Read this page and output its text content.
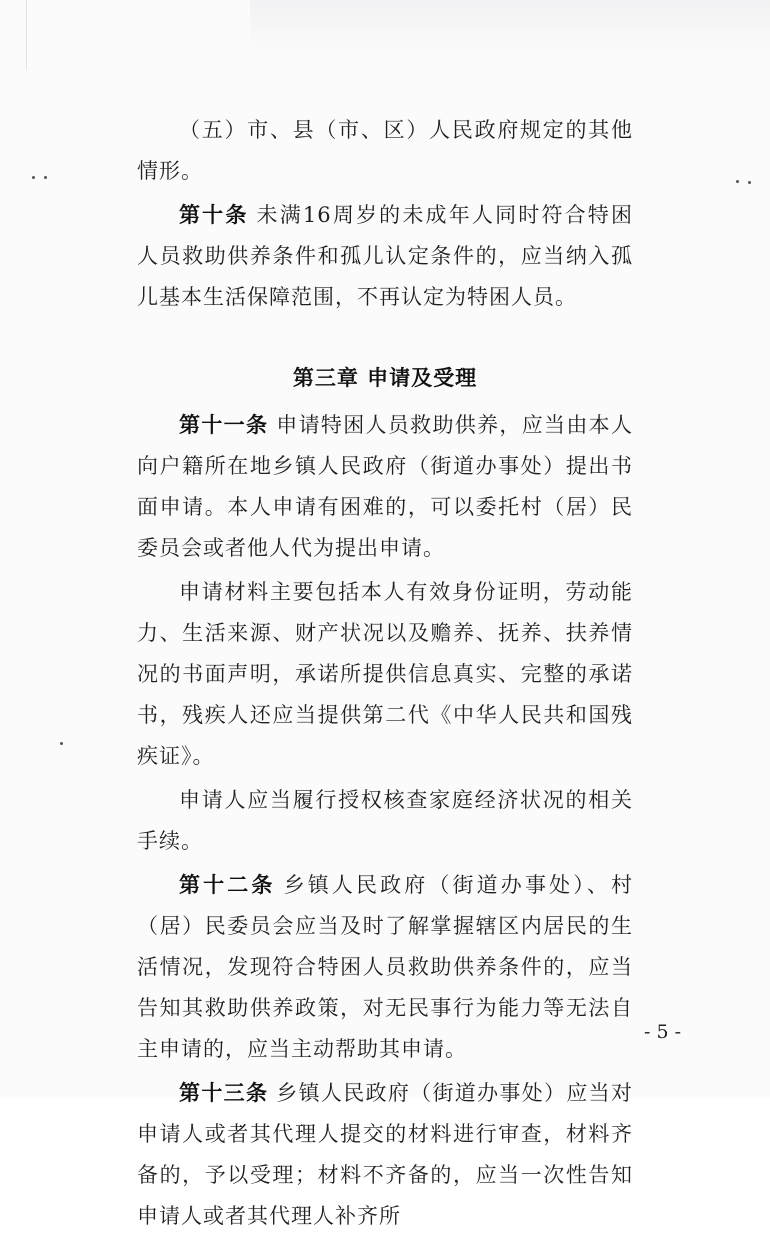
（五）市、县（市、区）人民政府规定的其他情形。

第十条 未满16周岁的未成年人同时符合特困人员救助供养条件和孤儿认定条件的，应当纳入孤儿基本生活保障范围，不再认定为特困人员。

第三章 申请及受理

第十一条 申请特困人员救助供养，应当由本人向户籍所在地乡镇人民政府（街道办事处）提出书面申请。本人申请有困难的，可以委托村（居）民委员会或者他人代为提出申请。

申请材料主要包括本人有效身份证明，劳动能力、生活来源、财产状况以及赡养、抚养、扶养情况的书面声明，承诺所提供信息真实、完整的承诺书，残疾人还应当提供第二代《中华人民共和国残疾证》。

申请人应当履行授权核查家庭经济状况的相关手续。

第十二条 乡镇人民政府（街道办事处）、村（居）民委员会应当及时了解掌握辖区内居民的生活情况，发现符合特困人员救助供养条件的，应当告知其救助供养政策，对无民事行为能力等无法自主申请的，应当主动帮助其申请。

第十三条 乡镇人民政府（街道办事处）应当对申请人或者其代理人提交的材料进行审查，材料齐备的，予以受理；材料不齐备的，应当一次性告知申请人或者其代理人补齐所

- 5 -
